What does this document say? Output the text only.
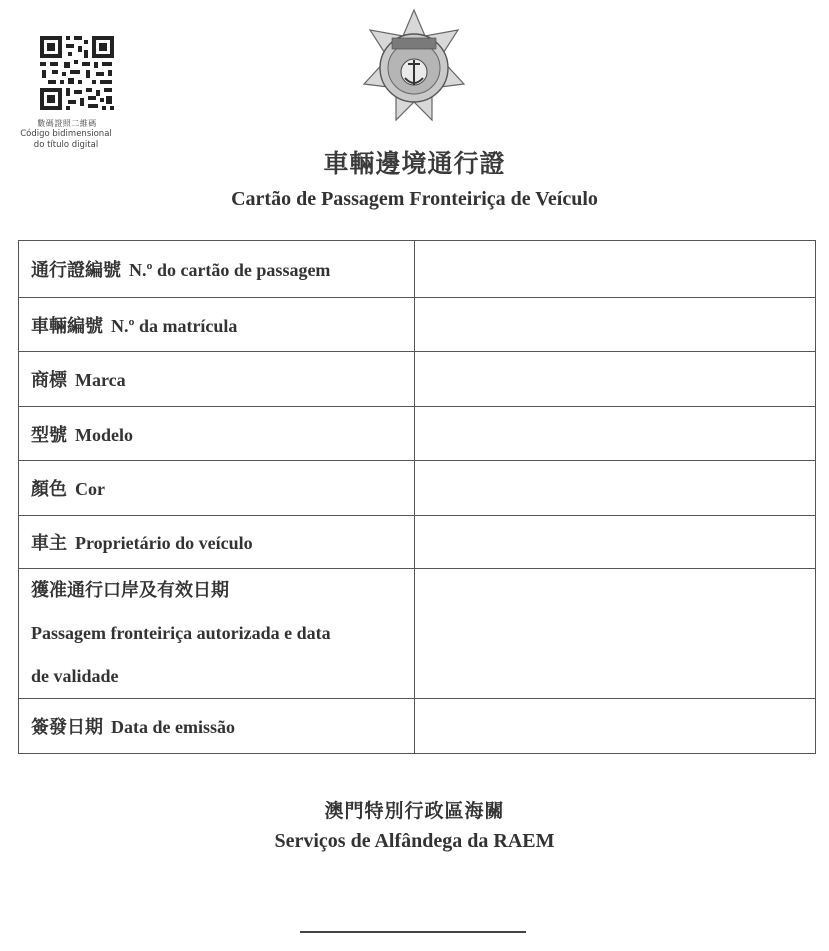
數碼證照二維碼
Código bidimensional
do título digital
車輛邊境通行證
Cartão de Passagem Fronteiriça de Veículo
通行證編號 N.º do cartão de passagem	
車輛編號 N.º da matrícula	
商標 Marca	
型號 Modelo	
顏色 Cor	
車主 Proprietário do veículo	

獲准通行口岸及有效日期
Passagem fronteiriça autorizada e data
de validade	

簽發日期 Data de emissão	
澳門特別行政區海關
Serviços de Alfândega da RAEM
